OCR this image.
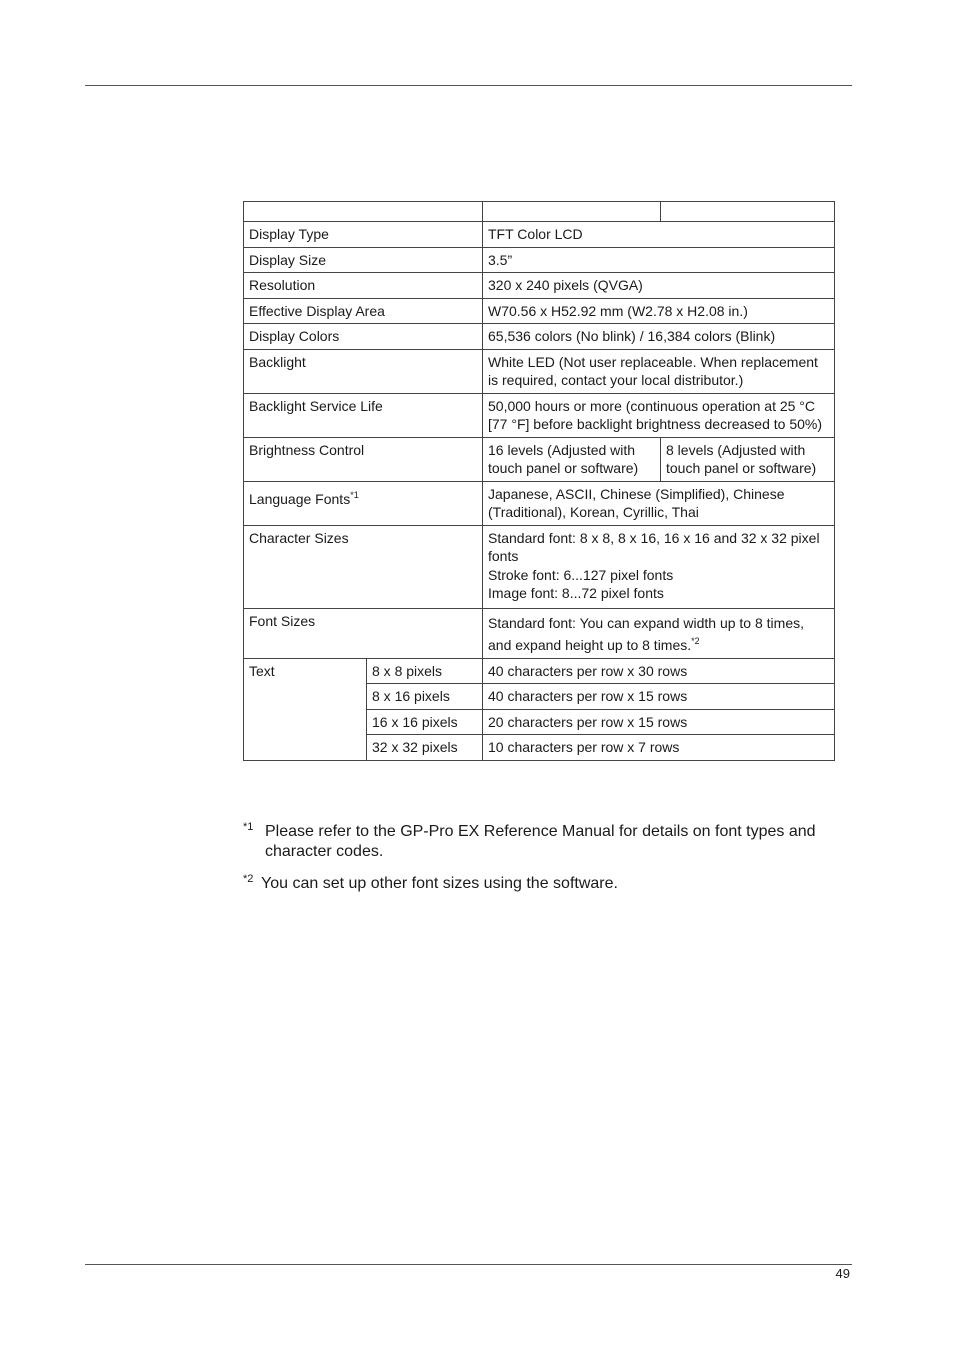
Display Type		TFT Color LCD	
Display Size		3.5”	
Resolution		320 x 240 pixels (QVGA)	
Effective Display Area		W70.56 x H52.92 mm (W2.78 x H2.08 in.)	
Display Colors		65,536 colors (No blink) / 16,384 colors (Blink)	
Backlight		White LED (Not user replaceable. When replacement is required, contact your local distributor.)	
Backlight Service Life		50,000 hours or more (continuous operation at 25 °C [77 °F] before backlight brightness decreased to 50%)	
Brightness Control		16 levels (Adjusted with touch panel or software)	8 levels (Adjusted with touch panel or software)
Language Fonts$^{*1}$		Japanese, ASCII, Chinese (Simplified), Chinese (Traditional), Korean, Cyrillic, Thai	
Character Sizes		Standard font: 8 x 8, 8 x 16, 16 x 16 and 32 x 32 pixel fonts
Stroke font: 6...127 pixel fonts
Image font: 8...72 pixel fonts	

Font Sizes		Standard font: You can expand width up to 8 times, and expand height up to 8 times.$^{*2}$
Text	8 x 8 pixels	40 characters per row x 30 rows	
	8 x 16 pixels	40 characters per row x 15 rows	
	16 x 16 pixels	20 characters per row x 15 rows	
	32 x 32 pixels	10 characters per row x 7 rows	
*1 Please refer to the GP-Pro EX Reference Manual for details on font types and character codes.
*2 You can set up other font sizes using the software.
49
